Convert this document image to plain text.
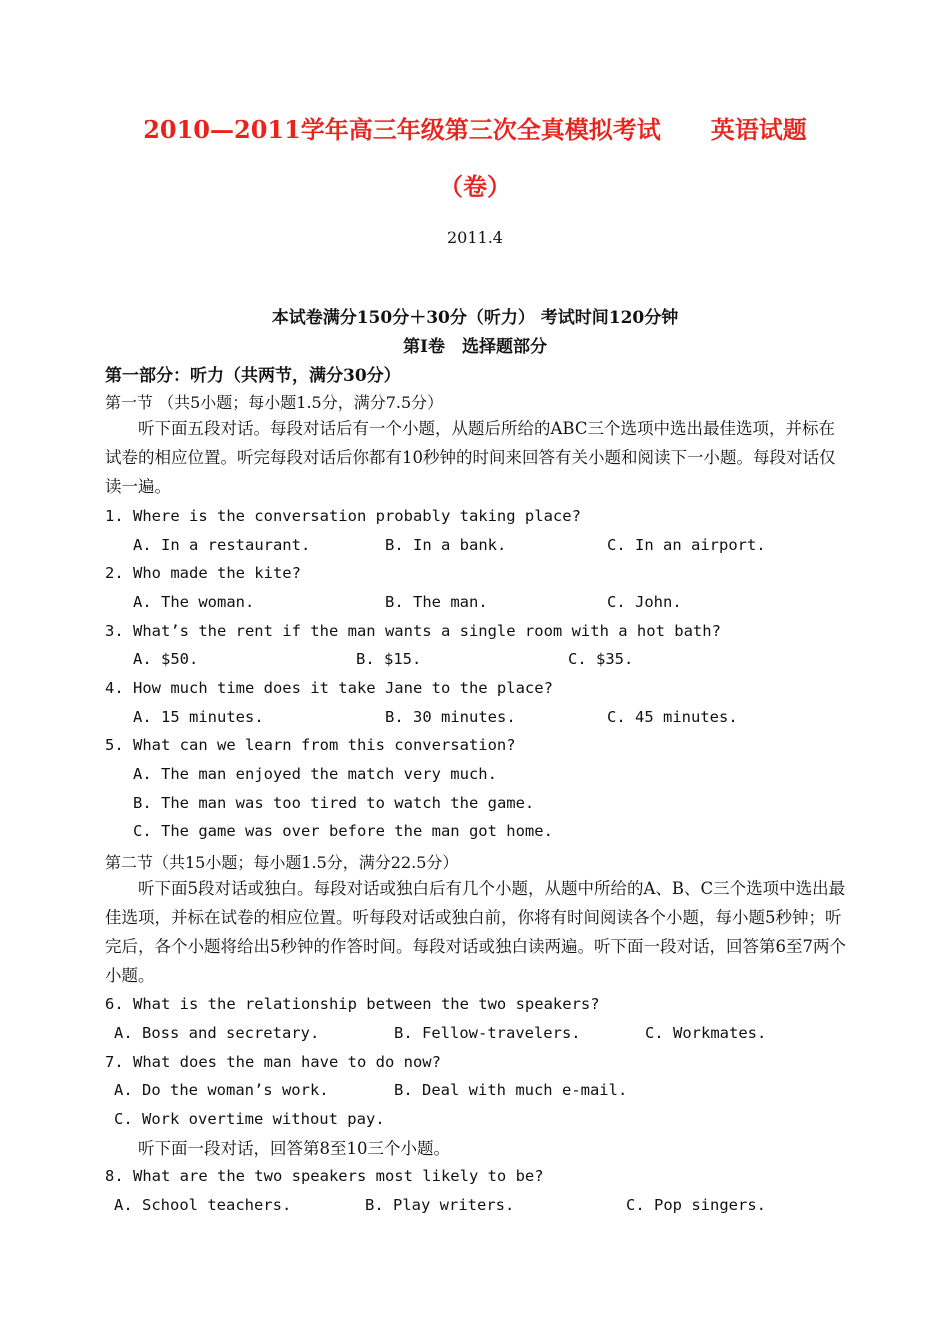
2010—2011学年高三年级第三次全真模拟考试 英语试题
（卷）
2011.4
本试卷满分150分＋30分（听力） 考试时间120分钟
第Ⅰ卷　选择题部分
第一部分：听力（共两节，满分30分）
第一节 （共5小题；每小题1.5分，满分7.5分）
听下面五段对话。每段对话后有一个小题，从题后所给的ABC三个选项中选出最佳选项，并标在试卷的相应位置。听完每段对话后你都有10秒钟的时间来回答有关小题和阅读下一小题。每段对话仅读一遍。
1. Where is the conversation probably taking place?
A. In a restaurant.	B. In a bank.	C. In an airport.
2. Who made the kite?
A. The woman.	B. The man.	C. John.
3. What’s the rent if the man wants a single room with a hot bath?
A. $50.	B. $15.	C. $35.
4. How much time does it take Jane to the place?
A. 15 minutes.	B. 30 minutes.	C. 45 minutes.
5. What can we learn from this conversation?
A. The man enjoyed the match very much.
B. The man was too tired to watch the game.
C. The game was over before the man got home.
第二节（共15小题；每小题1.5分，满分22.5分）
听下面5段对话或独白。每段对话或独白后有几个小题，从题中所给的A、B、C三个选项中选出最佳选项，并标在试卷的相应位置。听每段对话或独白前，你将有时间阅读各个小题，每小题5秒钟；听完后，各个小题将给出5秒钟的作答时间。每段对话或独白读两遍。听下面一段对话，回答第6至7两个小题。
6. What is the relationship between the two speakers?
A. Boss and secretary.	B. Fellow-travelers.	C. Workmates.
7. What does the man have to do now?
A. Do the woman’s work.	B. Deal with much e-mail.
C. Work overtime without pay.
听下面一段对话，回答第8至10三个小题。
8. What are the two speakers most likely to be?
A. School teachers.	B. Play writers.	C. Pop singers.
